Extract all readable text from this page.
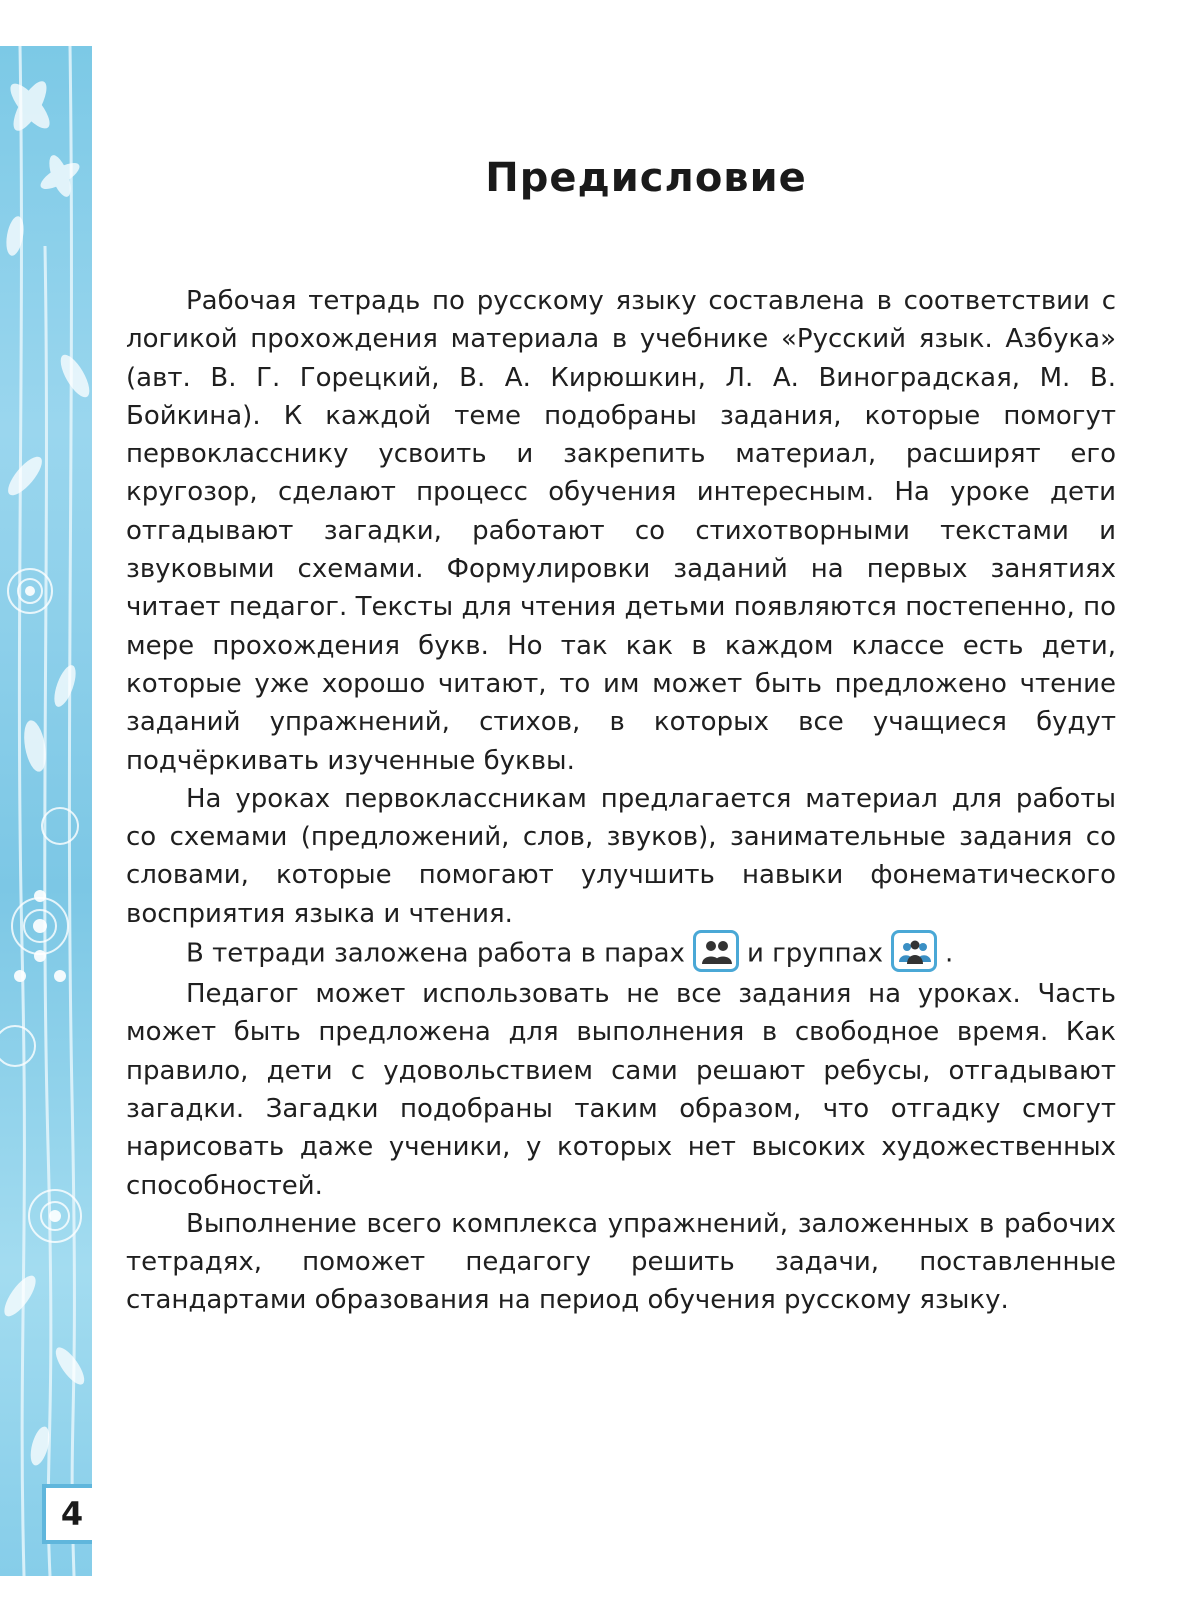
4
Предисловие

Рабочая тетрадь по русскому языку составлена в соответствии с логикой прохождения материала в учебнике «Русский язык. Азбука» (авт. В. Г. Горецкий, В. А. Кирюшкин, Л. А. Виноградская, М. В. Бойкина). К каждой теме подобраны задания, которые помогут первокласснику усвоить и закрепить материал, расширят его кругозор, сделают процесс обучения интересным. На уроке дети отгадывают загадки, работают со стихотворными текстами и звуковыми схемами. Формулировки заданий на первых занятиях читает педагог. Тексты для чтения детьми появляются постепенно, по мере прохождения букв. Но так как в каждом классе есть дети, которые уже хорошо читают, то им может быть предложено чтение заданий упражнений, стихов, в которых все учащиеся будут подчёркивать изученные буквы.

На уроках первоклассникам предлагается материал для работы со схемами (предложений, слов, звуков), занимательные задания со словами, которые помогают улучшить навыки фонематического восприятия языка и чтения.

В тетради заложена работа в парах и группах .

Педагог может использовать не все задания на уроках. Часть может быть предложена для выполнения в свободное время. Как правило, дети с удовольствием сами решают ребусы, отгадывают загадки. Загадки подобраны таким образом, что отгадку смогут нарисовать даже ученики, у которых нет высоких художественных способностей.

Выполнение всего комплекса упражнений, заложенных в рабочих тетрадях, поможет педагогу решить задачи, поставленные стандартами образования на период обучения русскому языку.
